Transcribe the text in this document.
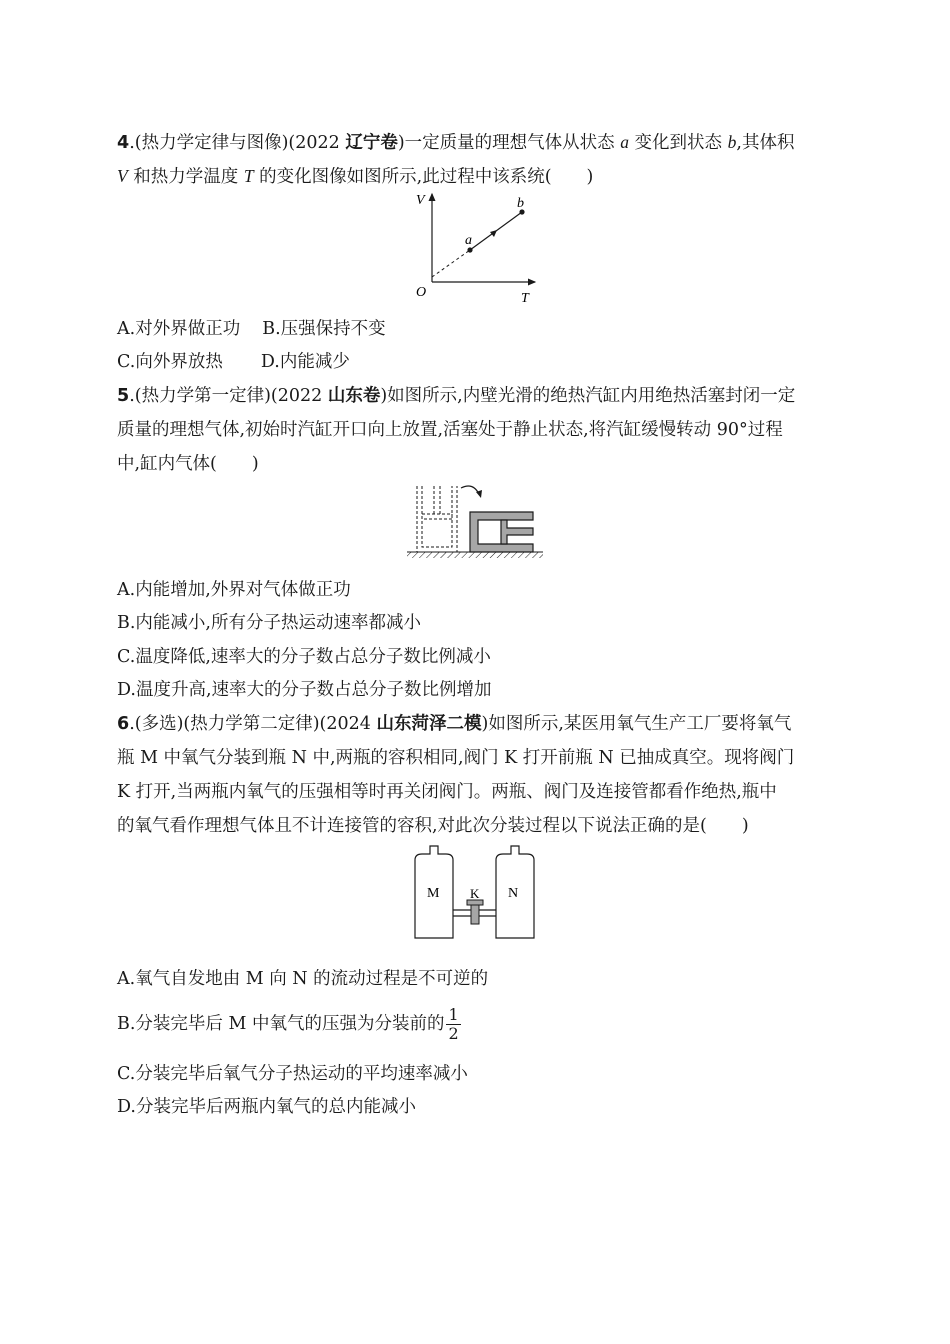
4.(热力学定律与图像)(2022 辽宁卷)一定质量的理想气体从状态 a 变化到状态 b,其体积
V 和热力学温度 T 的变化图像如图所示,此过程中该系统(　　)
V
T
O
a
b
A.对外界做正功 B.压强保持不变
C.向外界放热 D.内能减少
5.(热力学第一定律)(2022 山东卷)如图所示,内壁光滑的绝热汽缸内用绝热活塞封闭一定
质量的理想气体,初始时汽缸开口向上放置,活塞处于静止状态,将汽缸缓慢转动 90°过程
中,缸内气体(　　)
A.内能增加,外界对气体做正功
B.内能减小,所有分子热运动速率都减小
C.温度降低,速率大的分子数占总分子数比例减小
D.温度升高,速率大的分子数占总分子数比例增加
6.(多选)(热力学第二定律)(2024 山东菏泽二模)如图所示,某医用氧气生产工厂要将氧气
瓶 M 中氧气分装到瓶 N 中,两瓶的容积相同,阀门 K 打开前瓶 N 已抽成真空。现将阀门
K 打开,当两瓶内氧气的压强相等时再关闭阀门。两瓶、阀门及连接管都看作绝热,瓶中
的氧气看作理想气体且不计连接管的容积,对此次分装过程以下说法正确的是(　　)
M K N
A.氧气自发地由 M 向 N 的流动过程是不可逆的
B.分装完毕后 M 中氧气的压强为分装前的 $\frac{1}{2}$
C.分装完毕后氧气分子热运动的平均速率减小
D.分装完毕后两瓶内氧气的总内能减小
